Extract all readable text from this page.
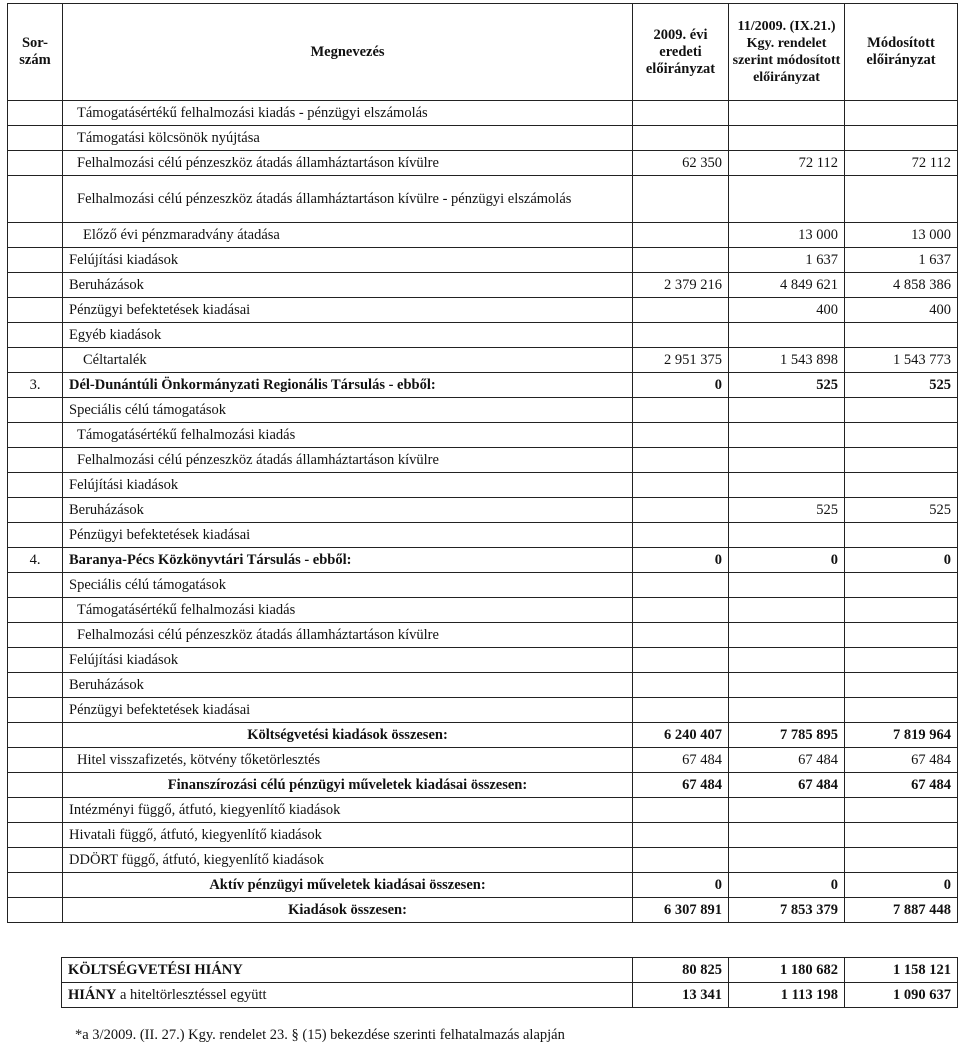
Sor-szám	Megnevezés	2009. évi eredeti előirányzat	11/2009. (IX.21.) Kgy. rendelet szerint módosított előirányzat	Módosított előirányzat
	Támogatásértékű felhalmozási kiadás - pénzügyi elszámolás			
	Támogatási kölcsönök nyújtása			
	Felhalmozási célú pénzeszköz átadás államháztartáson kívülre	62 350	72 112	72 112
	Felhalmozási célú pénzeszköz átadás államháztartáson kívülre - pénzügyi elszámolás			
	Előző évi pénzmaradvány átadása		13 000	13 000
	Felújítási kiadások		1 637	1 637
	Beruházások	2 379 216	4 849 621	4 858 386
	Pénzügyi befektetések kiadásai		400	400
	Egyéb kiadások			
	Céltartalék	2 951 375	1 543 898	1 543 773
3.	Dél-Dunántúli Önkormányzati Regionális Társulás - ebből:	0	525	525
	Speciális célú támogatások			
	Támogatásértékű felhalmozási kiadás			
	Felhalmozási célú pénzeszköz átadás államháztartáson kívülre			
	Felújítási kiadások			
	Beruházások		525	525
	Pénzügyi befektetések kiadásai			
4.	Baranya-Pécs Közkönyvtári Társulás - ebből:	0	0	0
	Speciális célú támogatások			
	Támogatásértékű felhalmozási kiadás			
	Felhalmozási célú pénzeszköz átadás államháztartáson kívülre			
	Felújítási kiadások			
	Beruházások			
	Pénzügyi befektetések kiadásai			
	Költségvetési kiadások összesen:	6 240 407	7 785 895	7 819 964
	Hitel visszafizetés, kötvény tőketörlesztés	67 484	67 484	67 484
	Finanszírozási célú pénzügyi műveletek kiadásai összesen:	67 484	67 484	67 484
	Intézményi függő, átfutó, kiegyenlítő kiadások			
	Hivatali függő, átfutó, kiegyenlítő kiadások			
	DDÖRT függő, átfutó, kiegyenlítő kiadások			
	Aktív pénzügyi műveletek kiadásai összesen:	0	0	0
	Kiadások összesen:	6 307 891	7 853 379	7 887 448
KÖLTSÉGVETÉSI HIÁNY	80 825	1 180 682	1 158 121
HIÁNY a hiteltörlesztéssel együtt	13 341	1 113 198	1 090 637
*a 3/2009. (II. 27.) Kgy. rendelet 23. § (15) bekezdése szerinti felhatalmazás alapján
